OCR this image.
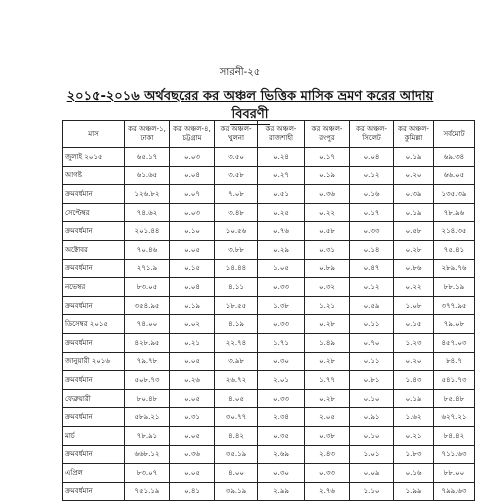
সারনী-২৫
২০১৫-২০১৬ অর্থবছরের কর অঞ্চল ভিত্তিক মাসিক ভ্রমণ করের আদায়
বিবরণী
মাস	কর অঞ্চল-১, ঢাকা	কর অঞ্চল-৪, চট্টগ্রাম	কর অঞ্চল-খুলনা	কর অঞ্চল-রাজশাহী	কর অঞ্চল-রংপুর	কর অঞ্চল-সিলেট	কর অঞ্চল-কুমিল্লা	সর্বমোট
জুলাই ২০১৫	৬৫.১৭	০.০৩	৩.৫০	০.২৪	০.১৭	০.০৪	০.১৯	৬৯.৩৪
আগষ্ট	৬১.৬৫	০.০৪	৩.৫৮	০.২৭	০.১৯	০.১২	০.২০	৬৬.০৫
ক্রমবর্ধমান	১২৬.৮২	০.০৭	৭.০৮	০.৫১	০.৩৬	০.১৬	০.৩৯	১৩৫.৩৯
সেপ্টেম্বর	৭৪.৬২	০.০৩	৩.৪৮	০.২৫	০.২২	০.১৭	০.১৯	৭৮.৯৬
ক্রমবর্ধমান	২০১.৪৪	০.১০	১০.৫৬	০.৭৬	০.৫৮	০.৩৩	০.৫৮	২১৪.৩৫
অক্টোবর	৭০.৪৬	০.০৫	৩.৮৮	০.২৯	০.৩১	০.১৪	০.২৮	৭৫.৪১
ক্রমবর্ধমান	২৭১.৯	০.১৫	১৪.৪৪	১.০৫	০.৮৯	০.৪৭	০.৮৬	২৮৯.৭৬
নভেম্বর	৮৩.০৫	০.০৪	৪.১১	০.৩৩	০.৩২	০.১২	০.২২	৮৮.১৯
ক্রমবর্ধমান	৩৫৪.৯৫	০.১৯	১৮.৫৫	১.৩৮	১.২১	০.৫৯	১.০৮	৩৭৭.৯৫
ডিসেম্বর ২০১৫	৭৪.০০	০.০২	৪.১৯	০.৩৩	০.২৮	০.১১	০.১৫	৭৯.০৮
ক্রমবর্ধমান	৪২৮.৯৫	০.২১	২২.৭৪	১.৭১	১.৪৯	০.৭০	১.২৩	৪৫৭.০৩
জানুয়ারী ২০১৬	৭৯.৭৮	০.০৫	৩.৯৮	০.৩০	০.২৮	০.১১	০.২০	৮৪.৭
ক্রমবর্ধমান	৫০৮.৭৩	০.২৬	২৬.৭২	২.০১	১.৭৭	০.৮১	১.৪৩	৫৪১.৭৩
ফেব্রুয়ারী	৮০.৪৮	০.০৫	৪.০৫	০.৩৩	০.২৮	০.১০	০.১৯	৮৫.৪৮
ক্রমবর্ধমান	৫৮৯.২১	০.৩১	৩০.৭৭	২.৩৪	২.০৫	০.৯১	১.৬২	৬২৭.২১
মার্চ	৭৮.৯১	০.০৫	৪.৪২	০.৩৫	০.৩৮	০.১০	০.২১	৮৪.৪২
ক্রমবর্ধমান	৬৬৮.১২	০.৩৬	৩৫.১৯	২.৬৯	২.৪৩	১.০১	১.৮৩	৭১১.৬৩
এপ্রিল	৮৩.০৭	০.০৫	৪.০০	০.৩০	০.৩৩	০.০৯	০.১৬	৮৮.০০
ক্রমবর্ধমান	৭৫১.১৯	০.৪১	৩৯.১৯	২.৯৯	২.৭৬	১.১০	১.৯৯	৭৯৯.৬৩
